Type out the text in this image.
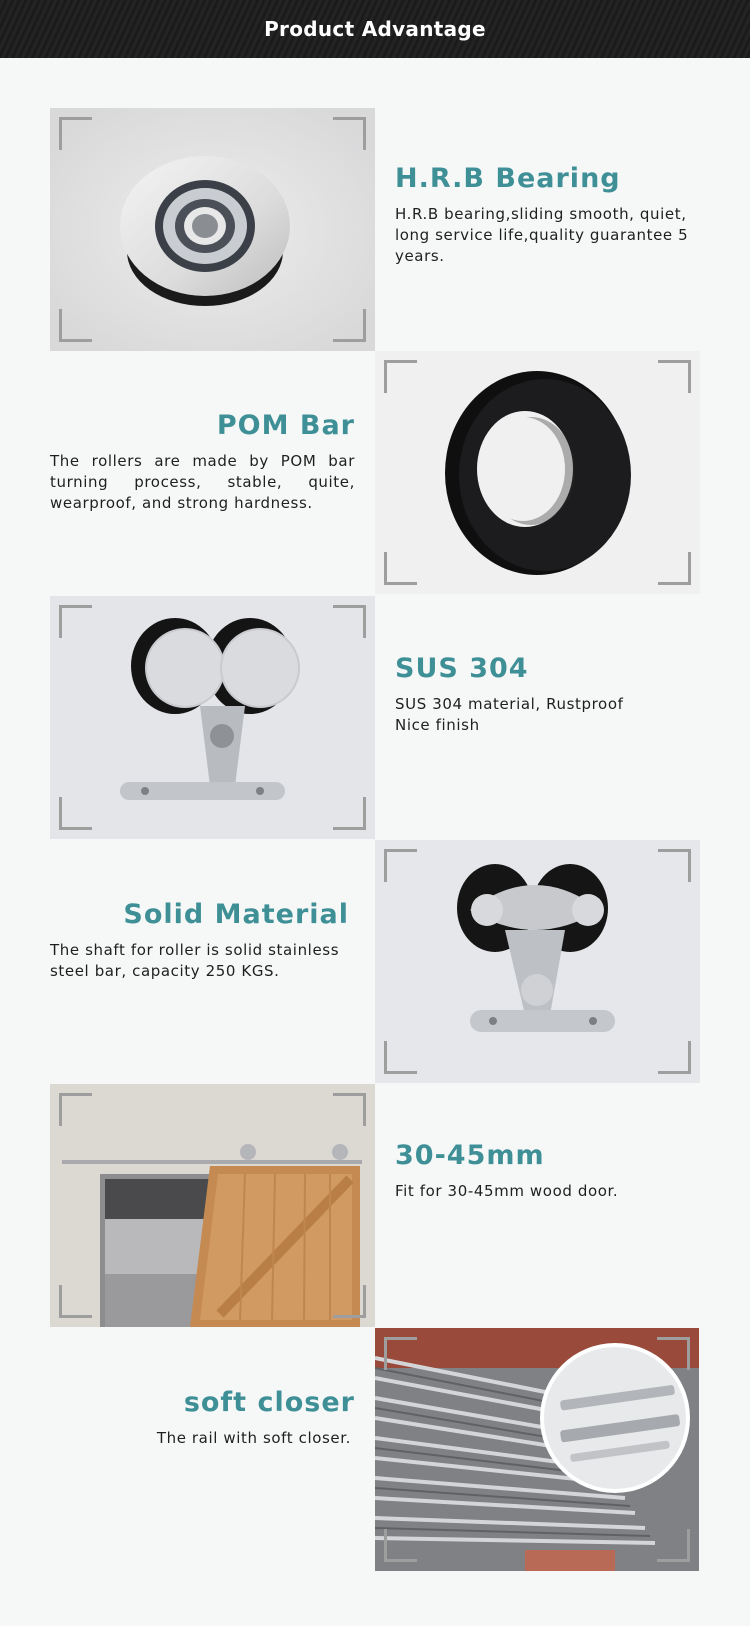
Product Advantage
H.R.B Bearing

H.R.B bearing,sliding smooth, quiet, long service life,quality guarantee 5 years.

POM Bar

The rollers are made by POM bar turning process, stable, quite, wearproof, and strong hardness.

SUS 304

SUS 304 material, Rustproof
Nice finish

Solid Material

The shaft for roller is solid stainless steel bar, capacity 250 KGS.

30-45mm

Fit for 30-45mm wood door.

soft closer

The rail with soft closer.
